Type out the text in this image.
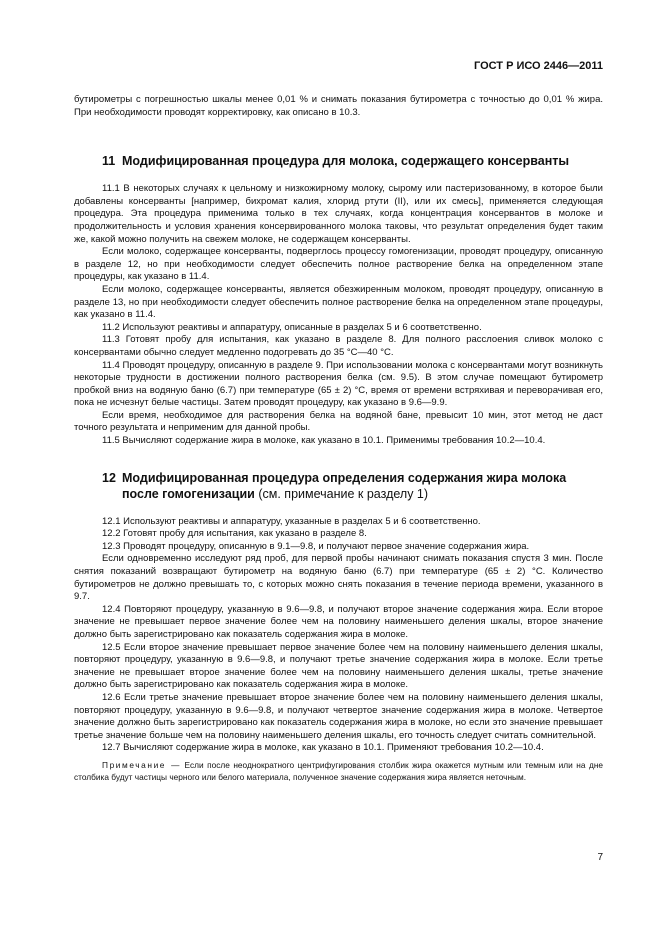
ГОСТ Р ИСО 2446—2011

бутирометры с погрешностью шкалы менее 0,01 % и снимать показания бутирометра с точностью до 0,01 % жира. При необходимости проводят корректировку, как описано в 10.3.

11 Модифицированная процедура для молока, содержащего консерванты

11.1 В некоторых случаях к цельному и низкожирному молоку, сырому или пастеризованному, в которое были добавлены консерванты [например, бихромат калия, хлорид ртути (II), или их смесь], применяется следующая процедура. Эта процедура применима только в тех случаях, когда концентрация консервантов в молоке и продолжительность и условия хранения консервированного молока таковы, что результат определения будет таким же, какой можно получить на свежем молоке, не содержащем консерванты.

Если молоко, содержащее консерванты, подверглось процессу гомогенизации, проводят процедуру, описанную в разделе 12, но при необходимости следует обеспечить полное растворение белка на определенном этапе процедуры, как указано в 11.4.

Если молоко, содержащее консерванты, является обезжиренным молоком, проводят процедуру, описанную в разделе 13, но при необходимости следует обеспечить полное растворение белка на определенном этапе процедуры, как указано в 11.4.

11.2 Используют реактивы и аппаратуру, описанные в разделах 5 и 6 соответственно.

11.3 Готовят пробу для испытания, как указано в разделе 8. Для полного расслоения сливок молоко с консервантами обычно следует медленно подогревать до 35 °С—40 °С.

11.4 Проводят процедуру, описанную в разделе 9. При использовании молока с консервантами могут возникнуть некоторые трудности в достижении полного растворения белка (см. 9.5). В этом случае помещают бутирометр пробкой вниз на водяную баню (6.7) при температуре (65 ± 2) °С, время от времени встряхивая и переворачивая его, пока не исчезнут белые частицы. Затем проводят процедуру, как указано в 9.6—9.9.

Если время, необходимое для растворения белка на водяной бане, превысит 10 мин, этот метод не даст точного результата и неприменим для данной пробы.

11.5 Вычисляют содержание жира в молоке, как указано в 10.1. Применимы требования 10.2—10.4.

12 Модифицированная процедура определения содержания жира молока после гомогенизации (см. примечание к разделу 1)

12.1 Используют реактивы и аппаратуру, указанные в разделах 5 и 6 соответственно.

12.2 Готовят пробу для испытания, как указано в разделе 8.

12.3 Проводят процедуру, описанную в 9.1—9.8, и получают первое значение содержания жира.

Если одновременно исследуют ряд проб, для первой пробы начинают снимать показания спустя 3 мин. После снятия показаний возвращают бутирометр на водяную баню (6.7) при температуре (65 ± 2) °С. Количество бутирометров не должно превышать то, с которых можно снять показания в течение периода времени, указанного в 9.7.

12.4 Повторяют процедуру, указанную в 9.6—9.8, и получают второе значение содержания жира. Если второе значение не превышает первое значение более чем на половину наименьшего деления шкалы, второе значение должно быть зарегистрировано как показатель содержания жира в молоке.

12.5 Если второе значение превышает первое значение более чем на половину наименьшего деления шкалы, повторяют процедуру, указанную в 9.6—9.8, и получают третье значение содержания жира в молоке. Если третье значение не превышает второе значение более чем на половину наименьшего деления шкалы, третье значение должно быть зарегистрировано как показатель содержания жира в молоке.

12.6 Если третье значение превышает второе значение более чем на половину наименьшего деления шкалы, повторяют процедуру, указанную в 9.6—9.8, и получают четвертое значение содержания жира в молоке. Четвертое значение должно быть зарегистрировано как показатель содержания жира в молоке, но если это значение превышает третье значение больше чем на половину наименьшего деления шкалы, его точность следует считать сомнительной.

12.7 Вычисляют содержание жира в молоке, как указано в 10.1. Применяют требования 10.2—10.4.

Примечание — Если после неоднократного центрифугирования столбик жира окажется мутным или темным или на дне столбика будут частицы черного или белого материала, полученное значение содержания жира является неточным.

7
